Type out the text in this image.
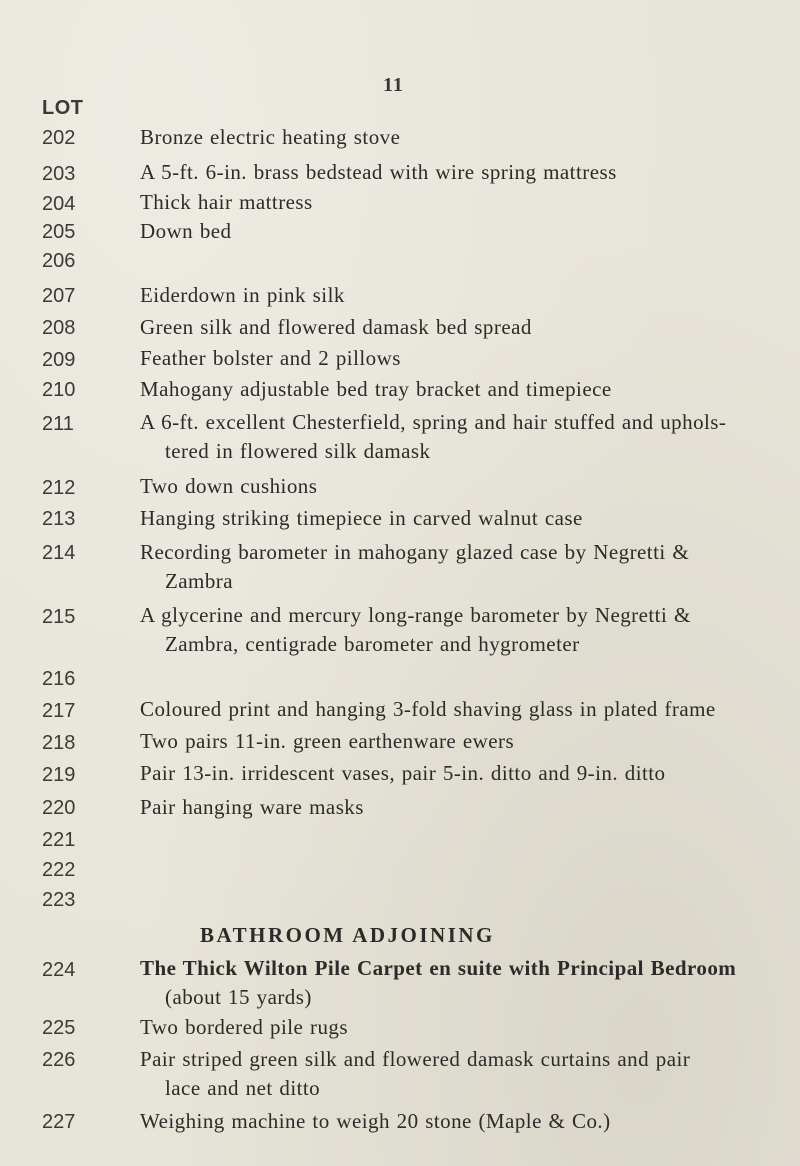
11
LOT
202	Bronze electric heating stove
203	A 5-ft. 6-in. brass bedstead with wire spring mattress
204	Thick hair mattress
205	Down bed
206
207	Eiderdown in pink silk
208	Green silk and flowered damask bed spread
209	Feather bolster and 2 pillows
210	Mahogany adjustable bed tray bracket and timepiece
211	A 6-ft. excellent Chesterfield, spring and hair stuffed and uphols-
tered in flowered silk damask
212	Two down cushions
213	Hanging striking timepiece in carved walnut case
214	Recording barometer in mahogany glazed case by Negretti &
Zambra
215	A glycerine and mercury long-range barometer by Negretti &
Zambra, centigrade barometer and hygrometer
216
217	Coloured print and hanging 3-fold shaving glass in plated frame
218	Two pairs 11-in. green earthenware ewers
219	Pair 13-in. irridescent vases, pair 5-in. ditto and 9-in. ditto
220	Pair hanging ware masks
221
222
223
BATHROOM ADJOINING
224	The Thick Wilton Pile Carpet en suite with Principal Bedroom
(about 15 yards)
225	Two bordered pile rugs
226	Pair striped green silk and flowered damask curtains and pair
lace and net ditto
227	Weighing machine to weigh 20 stone (Maple & Co.)
